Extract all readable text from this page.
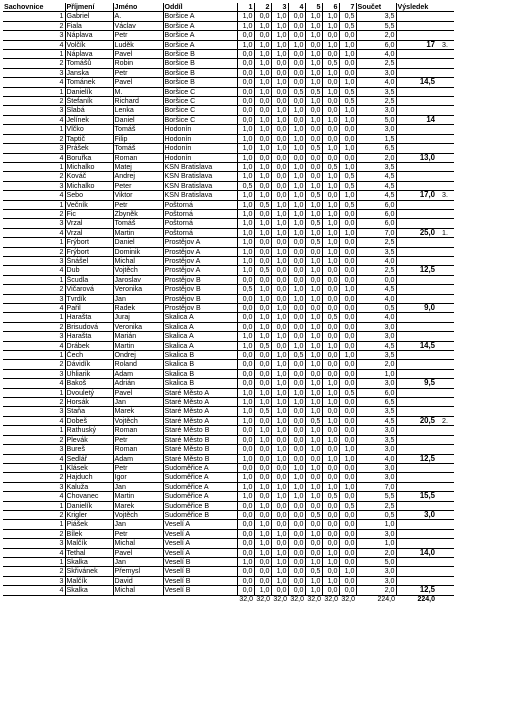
Sachovnice	Příjmení	Jméno	Oddíl	1	2	3	4	5	6	7	Součet	Výsledek	
1	Gabriel	A.	Boršice A	1,0	0,0	1,0	0,0	1,0	1,0	0,5	3,5		
2	Fiala	Václav	Boršice A	1,0	1,0	1,0	0,0	1,0	1,0	0,5	5,5		
3	Náplava	Petr	Boršice A	0,0	0,0	1,0	0,0	1,0	0,0	0,0	2,0		
4	Volčík	Luděk	Boršice A	1,0	1,0	1,0	1,0	0,0	1,0	1,0	6,0	17	3.
1	Náplava	Pavel	Boršice B	0,0	1,0	1,0	0,0	1,0	0,0	1,0	4,0		
2	Tomášů	Robin	Boršice B	0,0	1,0	0,0	0,0	1,0	0,5	0,0	2,5		
3	Janska	Petr	Boršice B	0,0	1,0	0,0	0,0	1,0	1,0	0,0	3,0		
4	Tománek	Pavel	Boršice B	0,0	1,0	1,0	0,0	1,0	0,0	1,0	4,0	14,5	
1	Danielík	M.	Boršice C	0,0	1,0	0,0	0,5	0,5	1,0	0,5	3,5		
2	Štefaník	Richard	Boršice C	0,0	0,0	0,0	0,0	1,0	0,0	0,5	2,5		
3	Slabá	Lenka	Boršice C	0,0	0,0	1,0	1,0	0,0	0,0	1,0	3,0		
4	Jelínek	Daniel	Boršice C	0,0	1,0	1,0	0,0	1,0	1,0	1,0	5,0	14	
1	Vlčko	Tomáš	Hodonín	1,0	1,0	0,0	1,0	0,0	0,0	0,0	3,0		
2	Taptič	Filip	Hodonín	1,0	0,0	0,0	1,0	0,0	0,0	0,0	1,5		
3	Prášek	Tomáš	Hodonín	1,0	1,0	1,0	1,0	0,5	1,0	1,0	6,5		
4	Boruřka	Roman	Hodonín	1,0	0,0	0,0	0,0	0,0	0,0	0,0	2,0	13,0	
1	Michalko	Matej	KSN Bratislava	1,0	1,0	0,0	1,0	0,0	0,5	1,0	3,5		
2	Kováč	Andrej	KSN Bratislava	1,0	1,0	0,0	1,0	0,0	1,0	0,5	4,5		
3	Michalko	Peter	KSN Bratislava	0,5	0,0	0,0	1,0	1,0	1,0	0,5	4,5		
4	Sebo	Viktor	KSN Bratislava	1,0	1,0	0,0	1,0	0,5	0,0	1,0	4,5	17,0	3.
1	Večník	Petr	Poštorná	1,0	0,5	1,0	1,0	1,0	1,0	0,5	6,0		
2	Fic	Zbyněk	Poštorná	1,0	0,0	1,0	1,0	1,0	1,0	0,0	6,0		
3	Vrzal	Tomáš	Poštorná	1,0	1,0	1,0	1,0	0,5	1,0	0,0	6,0		
4	Vrzal	Martin	Poštorná	1,0	1,0	1,0	1,0	1,0	1,0	1,0	7,0	25,0	1.
1	Frýbort	Daniel	Prostějov A	1,0	0,0	0,0	0,0	0,5	1,0	0,0	2,5		
2	Frýbort	Dominik	Prostějov A	1,0	0,0	1,0	0,0	0,0	1,0	0,0	3,5		
3	Šnášel	Michal	Prostějov A	1,0	0,0	1,0	0,0	1,0	1,0	0,0	4,0		
4	Dub	Vojtěch	Prostějov A	1,0	0,5	0,0	0,0	1,0	0,0	0,0	2,5	12,5	
1	Šcudla	Jaroslav	Prostějov B	0,0	0,0	0,0	0,0	0,0	0,0	0,0	0,0		
2	Vičarová	Veronika	Prostějov B	0,5	1,0	0,0	1,0	1,0	0,0	1,0	4,5		
3	Tvrdík	Jan	Prostějov B	0,0	1,0	0,0	1,0	1,0	0,0	0,0	4,0		
4	Pařil	Radek	Prostějov B	0,0	0,0	1,0	0,0	0,0	0,0	0,0	0,5	9,0	
1	Harašta	Juraj	Skalica A	0,0	1,0	1,0	0,0	1,0	0,5	0,0	4,0		
2	Brisudová	Veronika	Skalica A	0,0	1,0	0,0	0,0	1,0	0,0	0,0	3,0		
3	Harašta	Marián	Skalica A	1,0	1,0	1,0	0,0	1,0	0,0	0,0	3,0		
4	Drábek	Martin	Skalica A	1,0	0,5	0,0	1,0	1,0	1,0	0,0	4,5	14,5	
1	Čech	Ondrej	Skalica B	0,0	0,0	1,0	0,5	1,0	0,0	1,0	3,5		
2	Dávidík	Roland	Skalica B	0,0	0,0	1,0	0,0	1,0	0,0	0,0	2,0		
3	Uhliarik	Adam	Skalica B	0,0	0,0	1,0	0,0	0,0	0,0	0,0	1,0		
4	Bakoš	Adrián	Skalica B	0,0	0,0	1,0	0,0	1,0	1,0	0,0	3,0	9,5	
1	Dvouletý	Pavel	Staré Město A	1,0	1,0	1,0	1,0	1,0	1,0	0,5	6,0		
2	Horsák	Jan	Staré Město A	1,0	1,0	1,0	1,0	1,0	1,0	0,0	6,5		
3	Staňa	Marek	Staré Město A	1,0	0,5	1,0	0,0	1,0	0,0	0,0	3,5		
4	Dobeš	Vojtěch	Staré Město A	1,0	0,0	1,0	0,0	0,5	1,0	0,0	4,5	20,5	2.
1	Rathuský	Roman	Staré Město B	0,0	1,0	1,0	0,0	1,0	0,0	0,0	3,0		
2	Plevák	Petr	Staré Město B	0,0	1,0	0,0	0,0	1,0	1,0	0,0	3,5		
3	Bureš	Roman	Staré Město B	0,0	0,0	1,0	0,0	1,0	0,0	1,0	3,0		
4	Sedlář	Adam	Staré Město B	1,0	0,0	1,0	0,0	0,0	1,0	1,0	4,0	12,5	
1	Klásek	Petr	Sudoměřice A	0,0	0,0	0,0	1,0	1,0	0,0	0,0	3,0		
2	Hajduch	Igor	Sudoměřice A	1,0	0,0	0,0	1,0	0,0	0,0	0,0	3,0		
3	Kaluža	Jan	Sudoměřice A	1,0	1,0	1,0	1,0	1,0	1,0	1,0	7,0		
4	Chovanec	Martin	Sudoměřice A	1,0	0,0	1,0	1,0	1,0	0,5	0,0	5,5	15,5	
1	Danielík	Marek	Sudoměřice B	0,0	1,0	0,0	0,0	0,0	0,0	0,5	2,5		
2	Krigler	Vojtěch	Sudoměřice B	0,0	0,0	0,0	0,0	0,5	0,0	0,0	0,5	3,0	
1	Piášek	Jan	Veselí A	0,0	1,0	0,0	0,0	0,0	0,0	0,0	1,0		
2	Bílek	Petr	Veselí A	0,0	1,0	1,0	0,0	1,0	0,0	0,0	3,0		
3	Malčík	Michal	Veselí A	0,0	1,0	0,0	0,0	0,0	0,0	0,0	1,0		
4	Tethal	Pavel	Veselí A	0,0	1,0	1,0	0,0	0,0	1,0	0,0	2,0	14,0	
1	Skalka	Jan	Veselí B	1,0	0,0	1,0	0,0	1,0	1,0	0,0	5,0		
2	Skřivánek	Přemysl	Veselí B	0,0	0,0	1,0	0,0	0,5	0,0	1,0	3,0		
3	Malčík	David	Veselí B	0,0	0,0	1,0	0,0	1,0	1,0	0,0	3,0		
4	Skalka	Michal	Veselí B	0,0	1,0	0,0	0,0	1,0	0,0	0,0	2,0	12,5	
				32,0	32,0	32,0	32,0	32,0	32,0	32,0	224,0	224,0	
